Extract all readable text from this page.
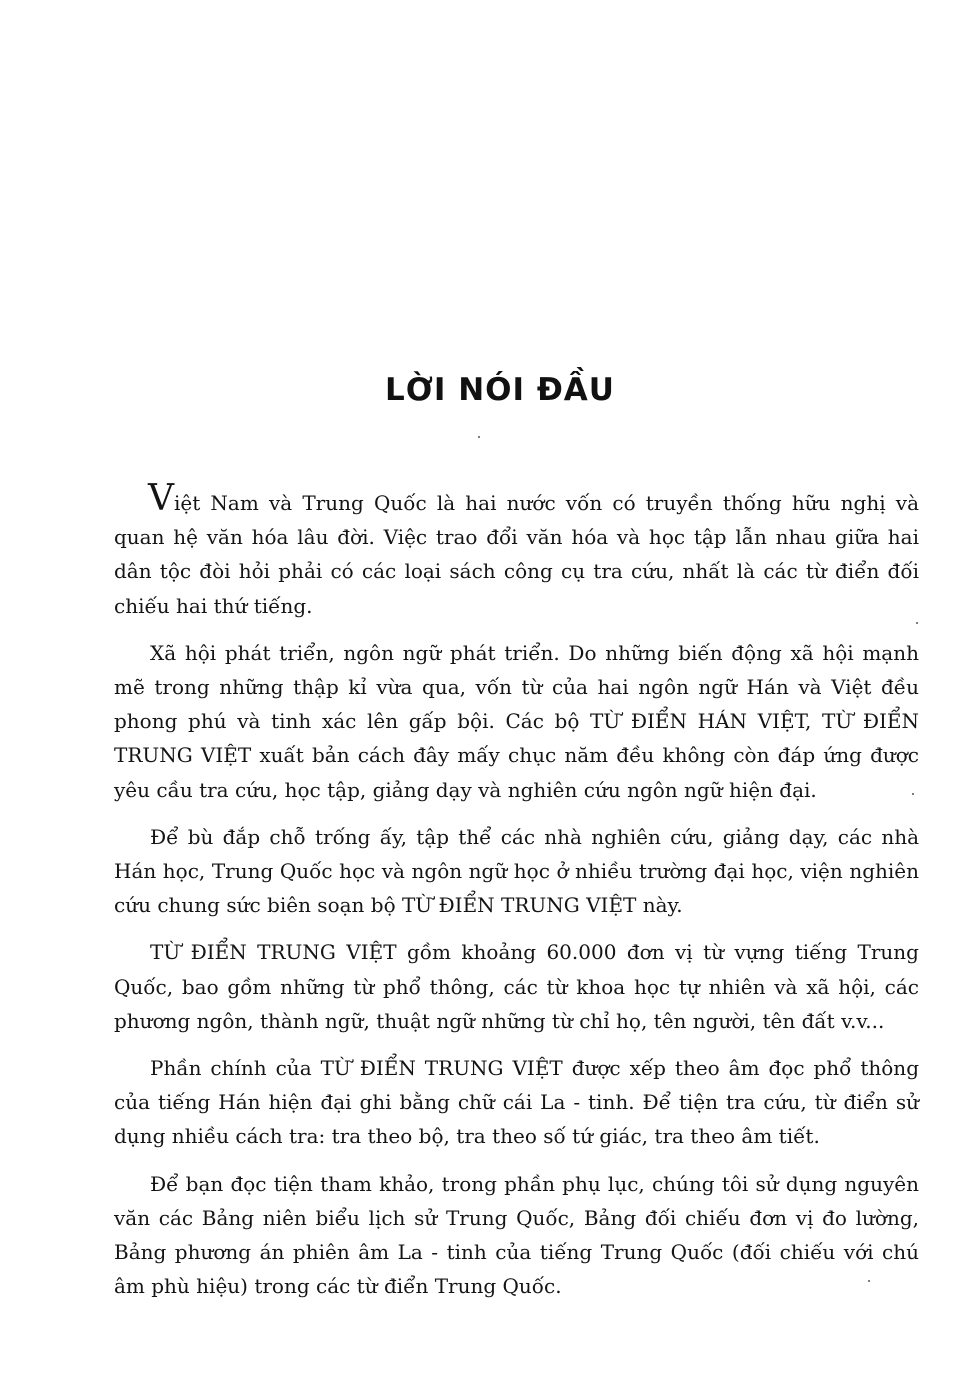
LỜI NÓI ĐẦU

Việt Nam và Trung Quốc là hai nước vốn có truyền thống hữu nghị và quan hệ văn hóa lâu đời. Việc trao đổi văn hóa và học tập lẫn nhau giữa hai dân tộc đòi hỏi phải có các loại sách công cụ tra cứu, nhất là các từ điển đối chiếu hai thứ tiếng.

Xã hội phát triển, ngôn ngữ phát triển. Do những biến động xã hội mạnh mẽ trong những thập kỉ vừa qua, vốn từ của hai ngôn ngữ Hán và Việt đều phong phú và tinh xác lên gấp bội. Các bộ TỪ ĐIỂN HÁN VIỆT, TỪ ĐIỂN TRUNG VIỆT xuất bản cách đây mấy chục năm đều không còn đáp ứng được yêu cầu tra cứu, học tập, giảng dạy và nghiên cứu ngôn ngữ hiện đại.

Để bù đắp chỗ trống ấy, tập thể các nhà nghiên cứu, giảng dạy, các nhà Hán học, Trung Quốc học và ngôn ngữ học ở nhiều trường đại học, viện nghiên cứu chung sức biên soạn bộ TỪ ĐIỂN TRUNG VIỆT này.

TỪ ĐIỂN TRUNG VIỆT gồm khoảng 60.000 đơn vị từ vựng tiếng Trung Quốc, bao gồm những từ phổ thông, các từ khoa học tự nhiên và xã hội, các phương ngôn, thành ngữ, thuật ngữ những từ chỉ họ, tên người, tên đất v.v...

Phần chính của TỪ ĐIỂN TRUNG VIỆT được xếp theo âm đọc phổ thông của tiếng Hán hiện đại ghi bằng chữ cái La - tinh. Để tiện tra cứu, từ điển sử dụng nhiều cách tra: tra theo bộ, tra theo số tứ giác, tra theo âm tiết.

Để bạn đọc tiện tham khảo, trong phần phụ lục, chúng tôi sử dụng nguyên văn các Bảng niên biểu lịch sử Trung Quốc, Bảng đối chiếu đơn vị đo lường, Bảng phương án phiên âm La - tinh của tiếng Trung Quốc (đối chiếu với chú âm phù hiệu) trong các từ điển Trung Quốc.
